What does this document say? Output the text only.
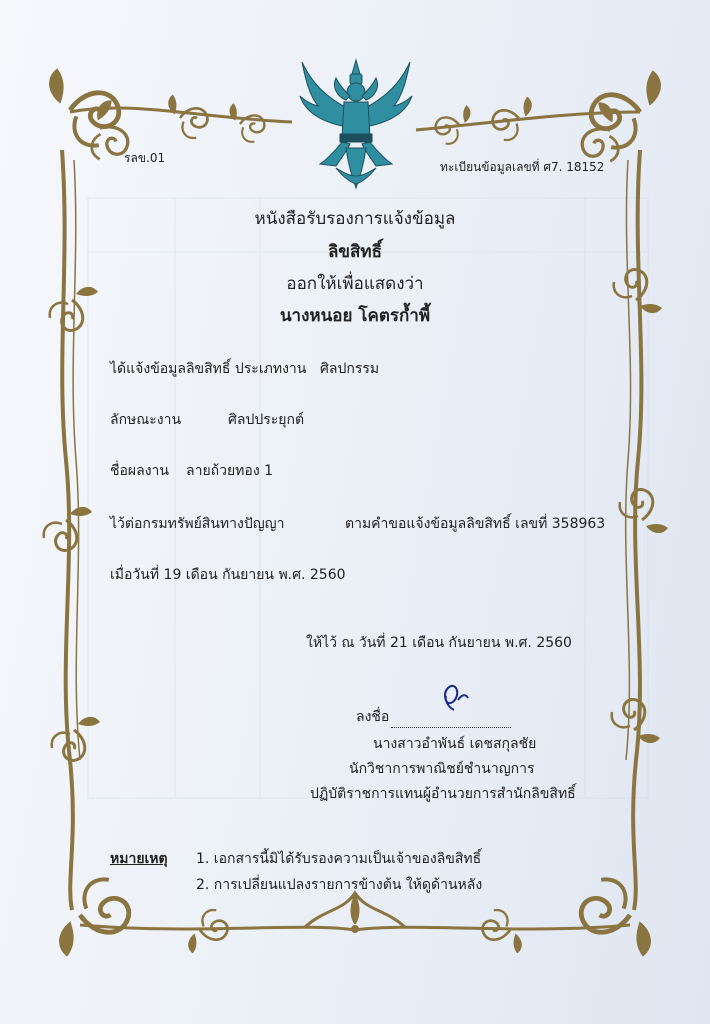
รลข.01
ทะเบียนข้อมูลเลขที่ ศ7. 18152
หนังสือรับรองการแจ้งข้อมูล
ลิขสิทธิ์
ออกให้เพื่อแสดงว่า
นางหนอย โคตรก้ำพี้
ได้แจ้งข้อมูลลิขสิทธิ์ ประเภทงาน ศิลปกรรม
ลักษณะงาน	ศิลปประยุกต์
ชื่อผลงาน ลายถ้วยทอง 1
ไว้ต่อกรมทรัพย์สินทางปัญญา	ตามคำขอแจ้งข้อมูลลิขสิทธิ์ เลขที่ 358963
เมื่อวันที่ 19 เดือน กันยายน พ.ศ. 2560
ให้ไว้ ณ วันที่ 21 เดือน กันยายน พ.ศ. 2560
ลงชื่อ
นางสาวอำพันธ์ เดชสกุลชัย
นักวิชาการพาณิชย์ชำนาญการ
ปฏิบัติราชการแทนผู้อำนวยการสำนักลิขสิทธิ์
หมายเหตุ 1. เอกสารนี้มิได้รับรองความเป็นเจ้าของลิขสิทธิ์
2. การเปลี่ยนแปลงรายการข้างต้น ให้ดูด้านหลัง
